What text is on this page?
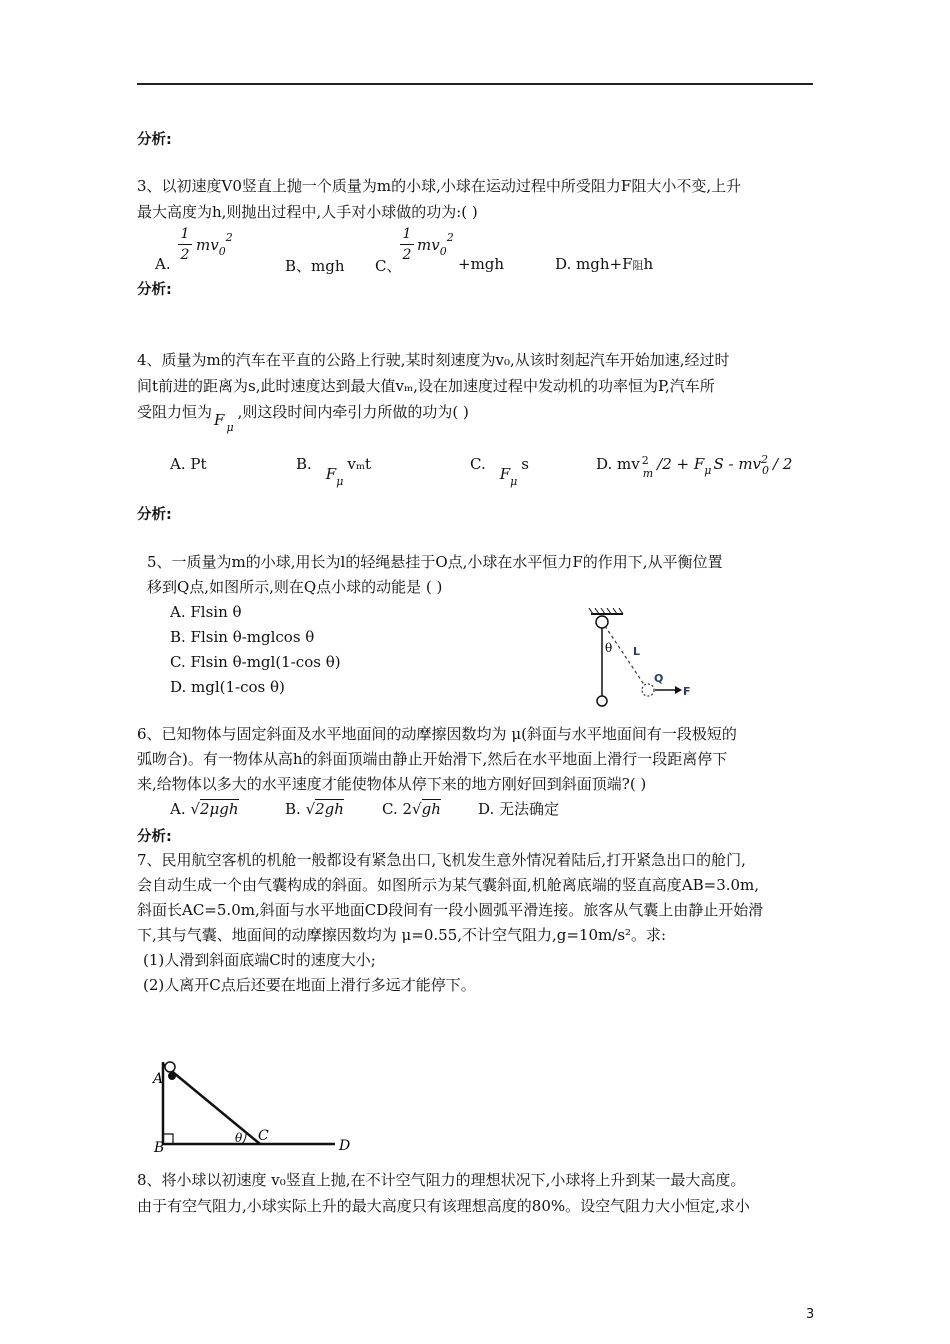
分析:
3、以初速度V0竖直上抛一个质量为m的小球,小球在运动过程中所受阻力F阻大小不变,上升
最大高度为h,则抛出过程中,人手对小球做的功为:( )
A.
1
2
$mv_0^2$
B、mgh C、
1
2
$mv_0^2$
+mgh	D. mgh+F阻h
分析:
4、质量为m的汽车在平直的公路上行驶,某时刻速度为v₀,从该时刻起汽车开始加速,经过时
间t前进的距离为s,此时速度达到最大值vₘ,设在加速度过程中发动机的功率恒为P,汽车所
受阻力恒为 F $_\mu$,则这段时间内牵引力所做的功为( )
A. Pt	$B.F_\mu v_mt$	$C.F_\mu s$	D. mv $^2_m/2 + F_\mu$ S - $mv^2_0 / 2$
分析:
5、一质量为m的小球,用长为l的轻绳悬挂于O点,小球在水平恒力F的作用下,从平衡位置
移到Q点,如图所示,则在Q点小球的动能是 ( )
A. Flsin θ
B. Flsin θ-mglcos θ
C. Flsin θ-mgl(1-cos θ)
D. mgl(1-cos θ)
θ L
Q
F
6、已知物体与固定斜面及水平地面间的动摩擦因数均为 μ(斜面与水平地面间有一段极短的
弧吻合)。有一物体从高h的斜面顶端由静止开始滑下,然后在水平地面上滑行一段距离停下
来,给物体以多大的水平速度才能使物体从停下来的地方刚好回到斜面顶端?( )
A. √2μgh	B. √2gh	C. 2√gh D. 无法确定
分析:
7、民用航空客机的机舱一般都设有紧急出口,飞机发生意外情况着陆后,打开紧急出口的舱门,
会自动生成一个由气囊构成的斜面。如图所示为某气囊斜面,机舱离底端的竖直高度AB=3.0m,
斜面长AC=5.0m,斜面与水平地面CD段间有一段小圆弧平滑连接。旅客从气囊上由静止开始滑
下,其与气囊、地面间的动摩擦因数均为 μ=0.55,不计空气阻力,g=10m/s²。求:
(1)人滑到斜面底端C时的速度大小;
(2)人离开C点后还要在地面上滑行多远才能停下。
A
B
θ C
D
8、将小球以初速度 v₀竖直上抛,在不计空气阻力的理想状况下,小球将上升到某一最大高度。
由于有空气阻力,小球实际上升的最大高度只有该理想高度的80%。设空气阻力大小恒定,求小
3
